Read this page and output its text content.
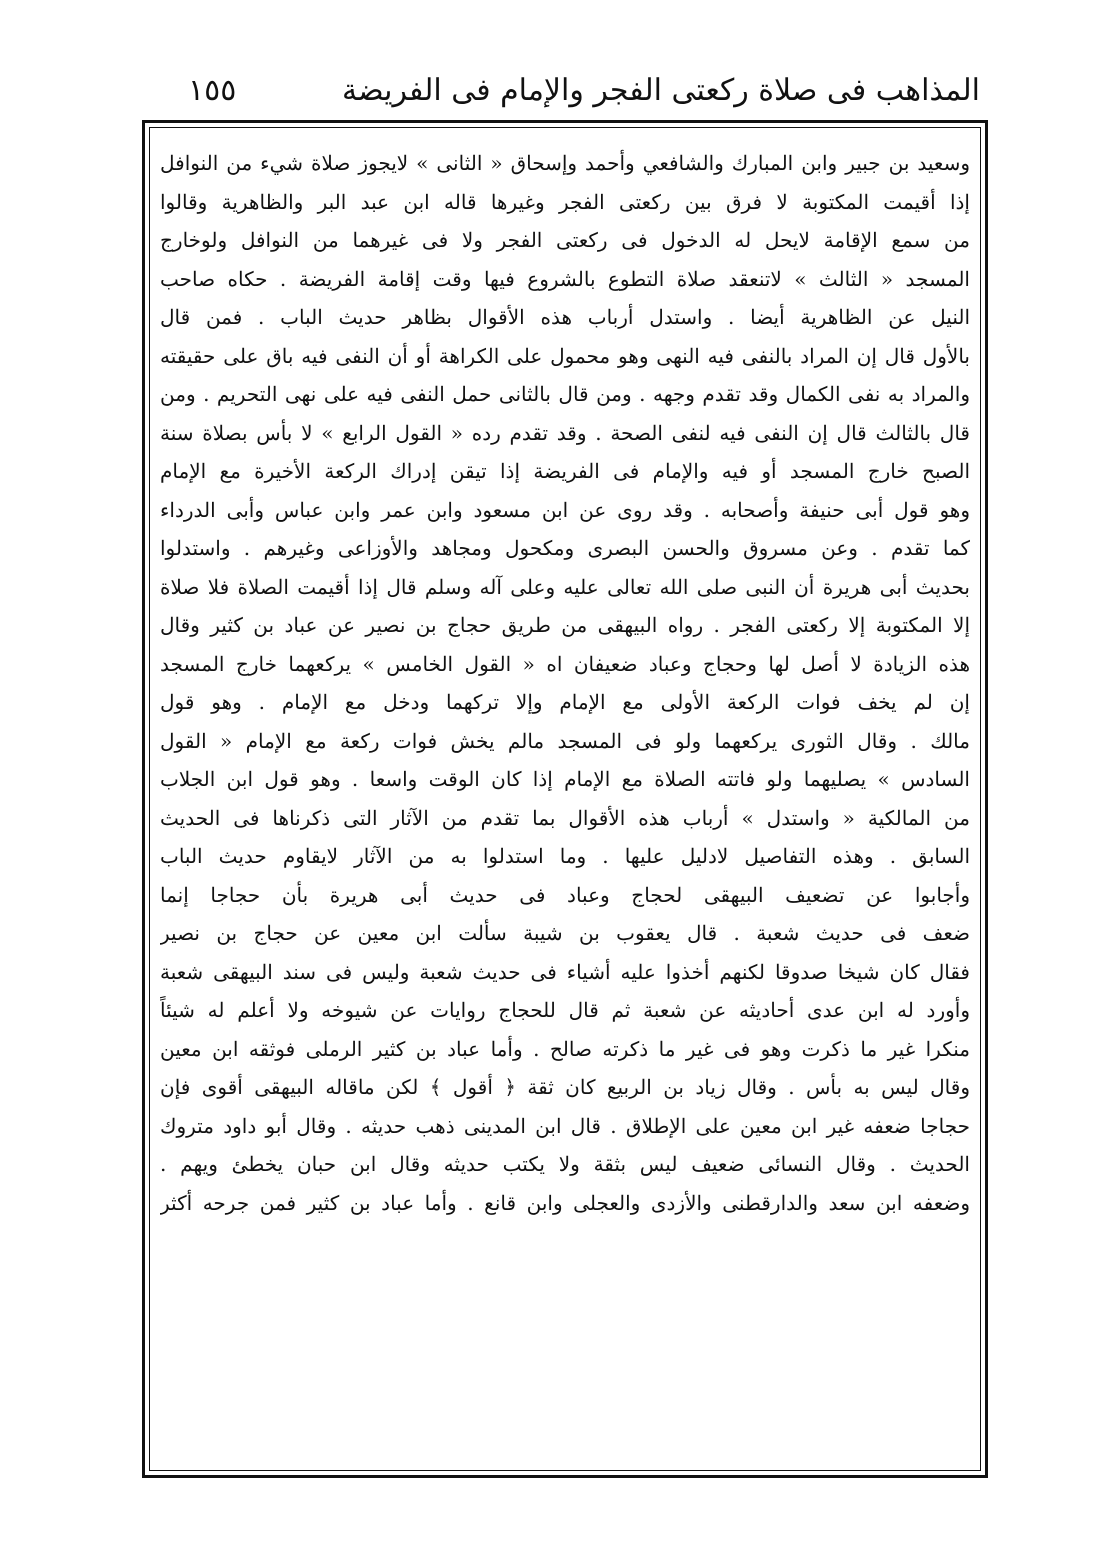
المذاهب فى صلاة ركعتى الفجر والإمام فى الفريضة
١٥٥
وسعيد بن جبير وابن المبارك والشافعي وأحمد وإسحاق « الثانى » لايجوز صلاة شيء من النوافل
إذا أقيمت المكتوبة لا فرق بين ركعتى الفجر وغيرها قاله ابن عبد البر والظاهرية وقالوا
من سمع الإقامة لايحل له الدخول فى ركعتى الفجر ولا فى غيرهما من النوافل ولوخارج
المسجد « الثالث » لاتنعقد صلاة التطوع بالشروع فيها وقت إقامة الفريضة . حكاه صاحب
النيل عن الظاهرية أيضا . واستدل أرباب هذه الأقوال بظاهر حديث الباب . فمن قال
بالأول قال إن المراد بالنفى فيه النهى وهو محمول على الكراهة أو أن النفى فيه باق على حقيقته
والمراد به نفى الكمال وقد تقدم وجهه . ومن قال بالثانى حمل النفى فيه على نهى التحريم . ومن
قال بالثالث قال إن النفى فيه لنفى الصحة . وقد تقدم رده « القول الرابع » لا بأس بصلاة سنة
الصبح خارج المسجد أو فيه والإمام فى الفريضة إذا تيقن إدراك الركعة الأخيرة مع الإمام
وهو قول أبى حنيفة وأصحابه . وقد روى عن ابن مسعود وابن عمر وابن عباس وأبى الدرداء
كما تقدم . وعن مسروق والحسن البصرى ومكحول ومجاهد والأوزاعى وغيرهم . واستدلوا
بحديث أبى هريرة أن النبى صلى الله تعالى عليه وعلى آله وسلم قال إذا أقيمت الصلاة فلا صلاة
إلا المكتوبة إلا ركعتى الفجر . رواه البيهقى من طريق حجاج بن نصير عن عباد بن كثير وقال
هذه الزيادة لا أصل لها وحجاج وعباد ضعيفان اه « القول الخامس » يركعهما خارج المسجد
إن لم يخف فوات الركعة الأولى مع الإمام وإلا تركهما ودخل مع الإمام . وهو قول
مالك . وقال الثورى يركعهما ولو فى المسجد مالم يخش فوات ركعة مع الإمام « القول
السادس » يصليهما ولو فاتته الصلاة مع الإمام إذا كان الوقت واسعا . وهو قول ابن الجلاب
من المالكية « واستدل » أرباب هذه الأقوال بما تقدم من الآثار التى ذكرناها فى الحديث
السابق . وهذه التفاصيل لادليل عليها . وما استدلوا به من الآثار لايقاوم حديث الباب
وأجابوا عن تضعيف البيهقى لحجاج وعباد فى حديث أبى هريرة بأن حجاجا إنما
ضعف فى حديث شعبة . قال يعقوب بن شيبة سألت ابن معين عن حجاج بن نصير
فقال كان شيخا صدوقا لكنهم أخذوا عليه أشياء فى حديث شعبة وليس فى سند البيهقى شعبة
وأورد له ابن عدى أحاديثه عن شعبة ثم قال للحجاج روايات عن شيوخه ولا أعلم له شيئاً
منكرا غير ما ذكرت وهو فى غير ما ذكرته صالح . وأما عباد بن كثير الرملى فوثقه ابن معين
وقال ليس به بأس . وقال زياد بن الربيع كان ثقة ﴿ أقول ﴾ لكن ماقاله البيهقى أقوى فإن
حجاجا ضعفه غير ابن معين على الإطلاق . قال ابن المدينى ذهب حديثه . وقال أبو داود متروك
الحديث . وقال النسائى ضعيف ليس بثقة ولا يكتب حديثه وقال ابن حبان يخطئ ويهم .
وضعفه ابن سعد والدارقطنى والأزدى والعجلى وابن قانع . وأما عباد بن كثير فمن جرحه أكثر
